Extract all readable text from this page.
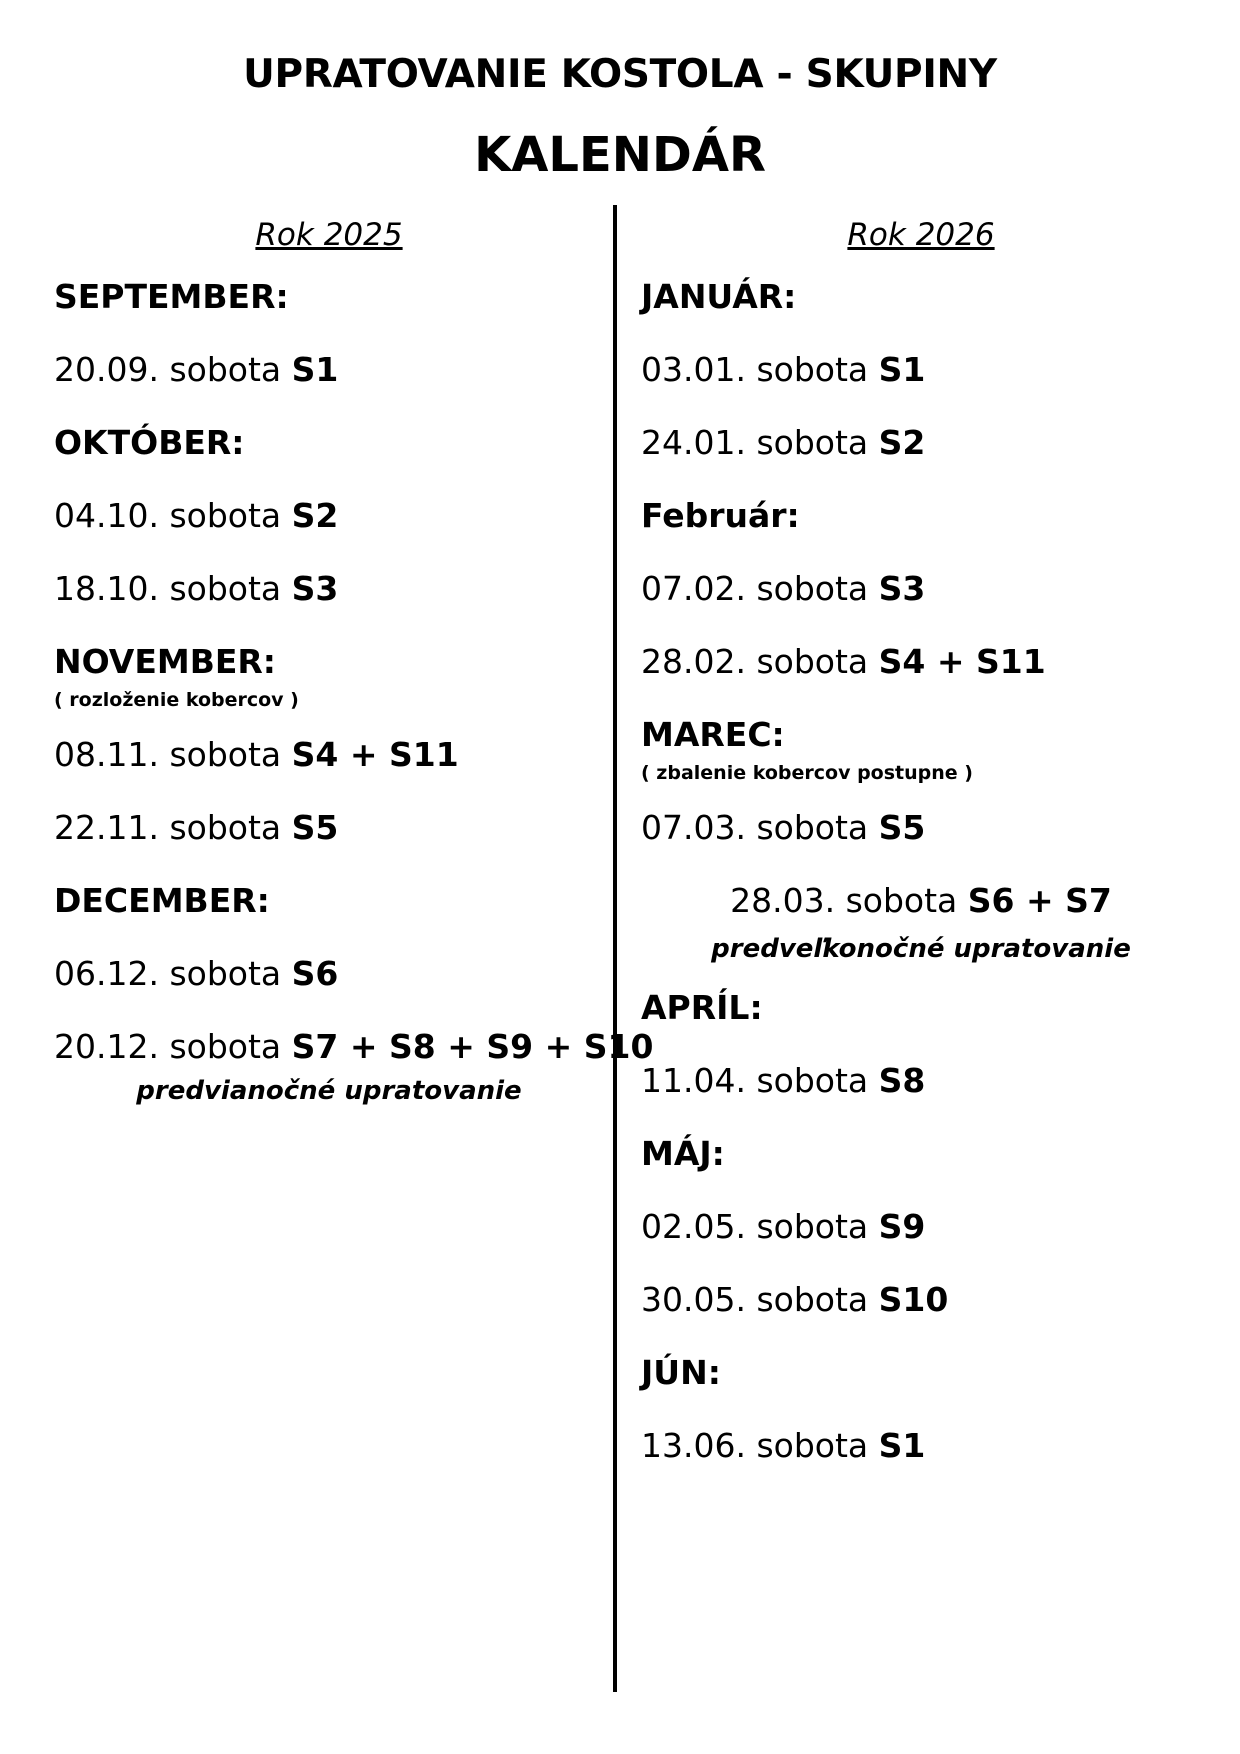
UPRATOVANIE KOSTOLA - SKUPINY
KALENDÁR
Rok 2025
SEPTEMBER:
20.09. sobota S1
OKTÓBER:
04.10. sobota S2
18.10. sobota S3
NOVEMBER:
( rozloženie kobercov )
08.11. sobota S4 + S11
22.11. sobota S5
DECEMBER:
06.12. sobota S6
20.12. sobota S7 + S8 + S9 + S10
predvianočné upratovanie
Rok 2026
JANUÁR:
03.01. sobota S1
24.01. sobota S2
Február:
07.02. sobota S3
28.02. sobota S4 + S11
MAREC:
( zbalenie kobercov postupne )
07.03. sobota S5
28.03. sobota S6 + S7
predveľkonočné upratovanie
APRÍL:
11.04. sobota S8
MÁJ:
02.05. sobota S9
30.05. sobota S10
JÚN:
13.06. sobota S1
